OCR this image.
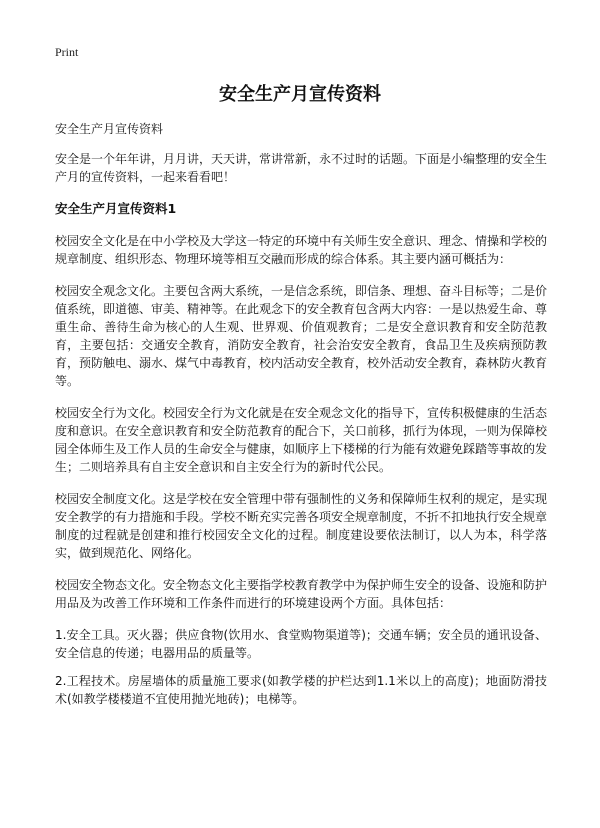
Print
安全生产月宣传资料

安全生产月宣传资料

安全是一个年年讲，月月讲，天天讲，常讲常新，永不过时的话题。下面是小编整理的安全生产月的宣传资料，一起来看看吧！

安全生产月宣传资料1

校园安全文化是在中小学校及大学这一特定的环境中有关师生安全意识、理念、情操和学校的规章制度、组织形态、物理环境等相互交融而形成的综合体系。其主要内涵可概括为：

校园安全观念文化。主要包含两大系统，一是信念系统，即信条、理想、奋斗目标等；二是价值系统，即道德、审美、精神等。在此观念下的安全教育包含两大内容：一是以热爱生命、尊重生命、善待生命为核心的人生观、世界观、价值观教育；二是安全意识教育和安全防范教育，主要包括：交通安全教育，消防安全教育，社会治安安全教育，食品卫生及疾病预防教育，预防触电、溺水、煤气中毒教育，校内活动安全教育，校外活动安全教育，森林防火教育等。

校园安全行为文化。校园安全行为文化就是在安全观念文化的指导下，宣传积极健康的生活态度和意识。在安全意识教育和安全防范教育的配合下，关口前移，抓行为体现，一则为保障校园全体师生及工作人员的生命安全与健康，如顺序上下楼梯的行为能有效避免踩踏等事故的发生；二则培养具有自主安全意识和自主安全行为的新时代公民。

校园安全制度文化。这是学校在安全管理中带有强制性的义务和保障师生权利的规定，是实现安全教学的有力措施和手段。学校不断充实完善各项安全规章制度，不折不扣地执行安全规章制度的过程就是创建和推行校园安全文化的过程。制度建设要依法制订，以人为本，科学落实，做到规范化、网络化。

校园安全物态文化。安全物态文化主要指学校教育教学中为保护师生安全的设备、设施和防护用品及为改善工作环境和工作条件而进行的环境建设两个方面。具体包括：

1.安全工具。灭火器；供应食物(饮用水、食堂购物渠道等)；交通车辆；安全员的通讯设备、安全信息的传递；电器用品的质量等。

2.工程技术。房屋墙体的质量施工要求(如教学楼的护栏达到1.1米以上的高度)；地面防滑技术(如教学楼楼道不宜使用抛光地砖)；电梯等。
